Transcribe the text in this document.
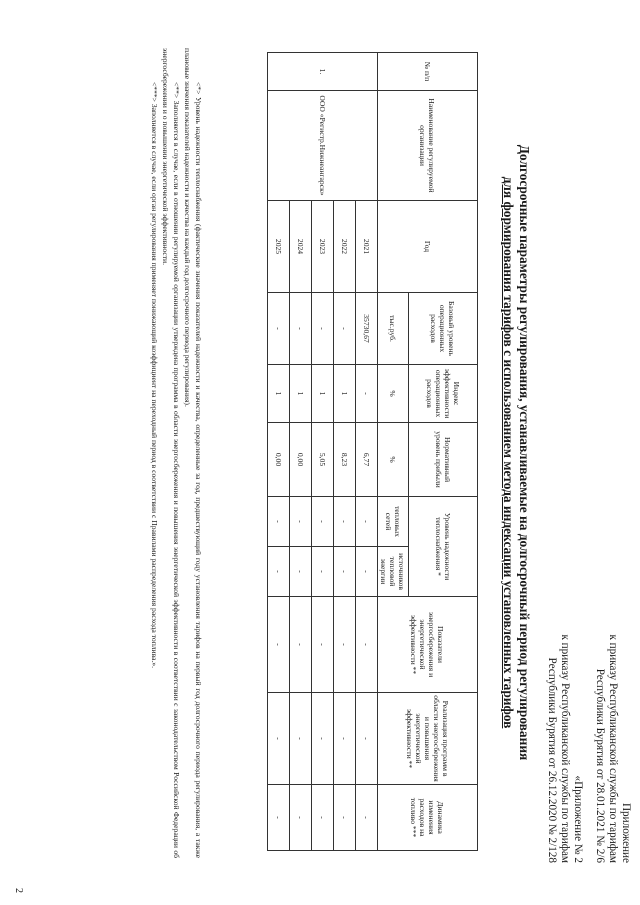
Приложение
к приказу Республиканской службы по тарифам
Республики Бурятия от 28.01.2021 № 2/6
«Приложение № 2
к приказу Республиканской службы по тарифам
Республики Бурятия от 26.12.2020 № 2/128
Долгосрочные параметры регулирования, устанавливаемые на долгосрочный период регулирования
для формирования тарифов с использованием метода индексации установленных тарифов
№ п/п	Наименование регулируемой организации	Год	Базовый уровень операционных расходов	Индекс эффективности операционных расходов	Нормативный уровень прибыли	Уровень надежности теплоснабжения *		Показатели энергосбережения и энергетической эффективности **	Реализация программ в области энергосбережения и повышения энергетической эффективности **	Динамика изменения расходов на топливо ***
						тепловых сетей	источников тепловой энергии			
			тыс.руб.	%	%					
1.	ООО «Регистр.Нижнеангарск»	2021	35730,67	-	6,77	-	-	-	-	-
		2022	-	1	8,23	-	-	-	-	-
		2023	-	1	5,05	-	-	-	-	-
		2024	-	1	0,00	-	-	-	-	-
		2025	-	1	0,00	-	-	-	-	-

<*> Уровень надежности теплоснабжения (фактические значения показателей надежности и качества, определенные за год, предшествующий году установления тарифов на первый год долгосрочного периода регулирования, а также плановые значения показателей надежности и качества на каждый год долгосрочного периода регулирования).

<**> Заполняется в случае, если в отношении регулируемой организации утверждена программа в области энергосбережения и повышения энергетической эффективности в соответствии с законодательством Российской Федерации об энергосбережении и о повышении энергетической эффективности.

<***> Заполняется в случае, если орган регулирования применяет понижающий коэффициент на переходный период в соответствии с Правилами распределения расхода топлива.».

2
